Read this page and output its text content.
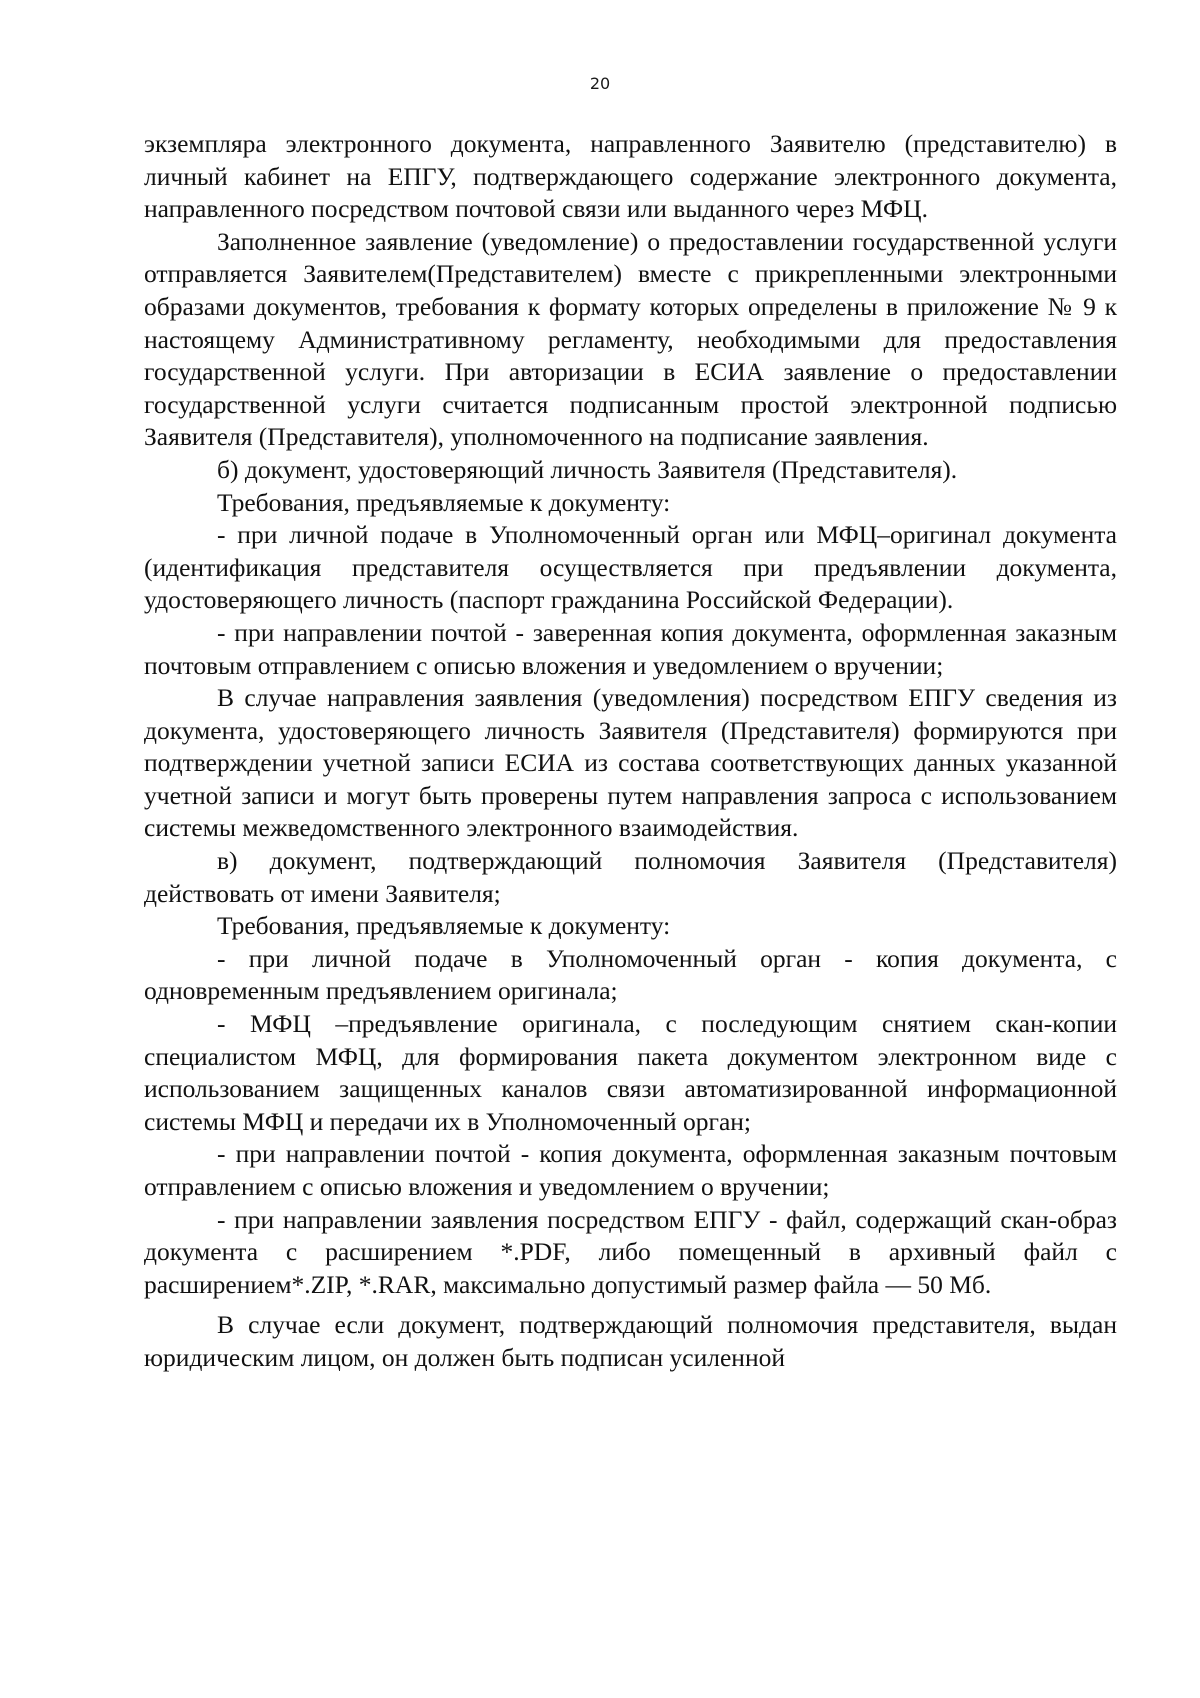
20

экземпляра электронного документа, направленного Заявителю (представителю) в личный кабинет на ЕПГУ, подтверждающего содержание электронного документа, направленного посредством почтовой связи или выданного через МФЦ.

Заполненное заявление (уведомление) о предоставлении государственной услуги отправляется Заявителем(Представителем) вместе с прикрепленными электронными образами документов, требования к формату которых определены в приложение № 9 к настоящему Административному регламенту, необходимыми для предоставления государственной услуги. При авторизации в ЕСИА заявление о предоставлении государственной услуги считается подписанным простой электронной подписью Заявителя (Представителя), уполномоченного на подписание заявления.

б) документ, удостоверяющий личность Заявителя (Представителя).

Требования, предъявляемые к документу:

- при личной подаче в Уполномоченный орган или МФЦ–оригинал документа (идентификация представителя осуществляется при предъявлении документа, удостоверяющего личность (паспорт гражданина Российской Федерации).

- при направлении почтой - заверенная копия документа, оформленная заказным почтовым отправлением с описью вложения и уведомлением о вручении;

В случае направления заявления (уведомления) посредством ЕПГУ сведения из документа, удостоверяющего личность Заявителя (Представителя) формируются при подтверждении учетной записи ЕСИА из состава соответствующих данных указанной учетной записи и могут быть проверены путем направления запроса с использованием системы межведомственного электронного взаимодействия.

в) документ, подтверждающий полномочия Заявителя (Представителя) действовать от имени Заявителя;

Требования, предъявляемые к документу:

- при личной подаче в Уполномоченный орган - копия документа, с одновременным предъявлением оригинала;

- МФЦ –предъявление оригинала, с последующим снятием скан-копии специалистом МФЦ, для формирования пакета документом электронном виде с использованием защищенных каналов связи автоматизированной информационной системы МФЦ и передачи их в Уполномоченный орган;

- при направлении почтой - копия документа, оформленная заказным почтовым отправлением с описью вложения и уведомлением о вручении;

- при направлении заявления посредством ЕПГУ - файл, содержащий скан-образ документа с расширением *.PDF, либо помещенный в архивный файл с расширением*.ZIP, *.RAR, максимально допустимый размер файла — 50 Мб.

В случае если документ, подтверждающий полномочия представителя, выдан юридическим лицом, он должен быть подписан усиленной
